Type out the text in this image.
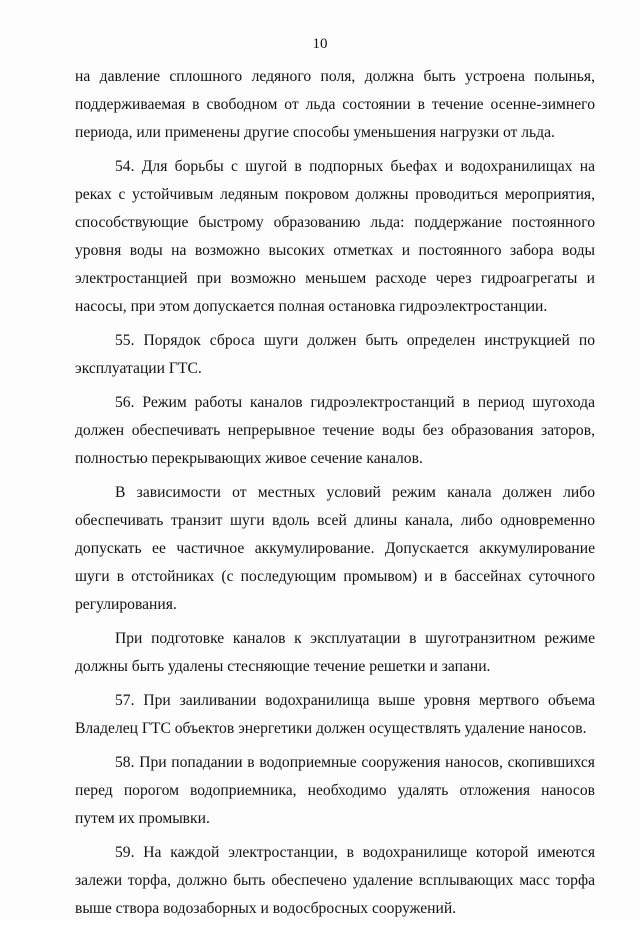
10

на давление сплошного ледяного поля, должна быть устроена полынья, поддерживаемая в свободном от льда состоянии в течение осенне-зимнего периода, или применены другие способы уменьшения нагрузки от льда.

54. Для борьбы с шугой в подпорных бьефах и водохранилищах на реках с устойчивым ледяным покровом должны проводиться мероприятия, способствующие быстрому образованию льда: поддержание постоянного уровня воды на возможно высоких отметках и постоянного забора воды электростанцией при возможно меньшем расходе через гидроагрегаты и насосы, при этом допускается полная остановка гидроэлектростанции.

55. Порядок сброса шуги должен быть определен инструкцией по эксплуатации ГТС.

56. Режим работы каналов гидроэлектростанций в период шугохода должен обеспечивать непрерывное течение воды без образования заторов, полностью перекрывающих живое сечение каналов.

В зависимости от местных условий режим канала должен либо обеспечивать транзит шуги вдоль всей длины канала, либо одновременно допускать ее частичное аккумулирование. Допускается аккумулирование шуги в отстойниках (с последующим промывом) и в бассейнах суточного регулирования.

При подготовке каналов к эксплуатации в шуготранзитном режиме должны быть удалены стесняющие течение решетки и запани.

57. При заиливании водохранилища выше уровня мертвого объема Владелец ГТС объектов энергетики должен осуществлять удаление наносов.

58. При попадании в водоприемные сооружения наносов, скопившихся перед порогом водоприемника, необходимо удалять отложения наносов путем их промывки.

59. На каждой электростанции, в водохранилище которой имеются залежи торфа, должно быть обеспечено удаление всплывающих масс торфа выше створа водозаборных и водосбросных сооружений.
